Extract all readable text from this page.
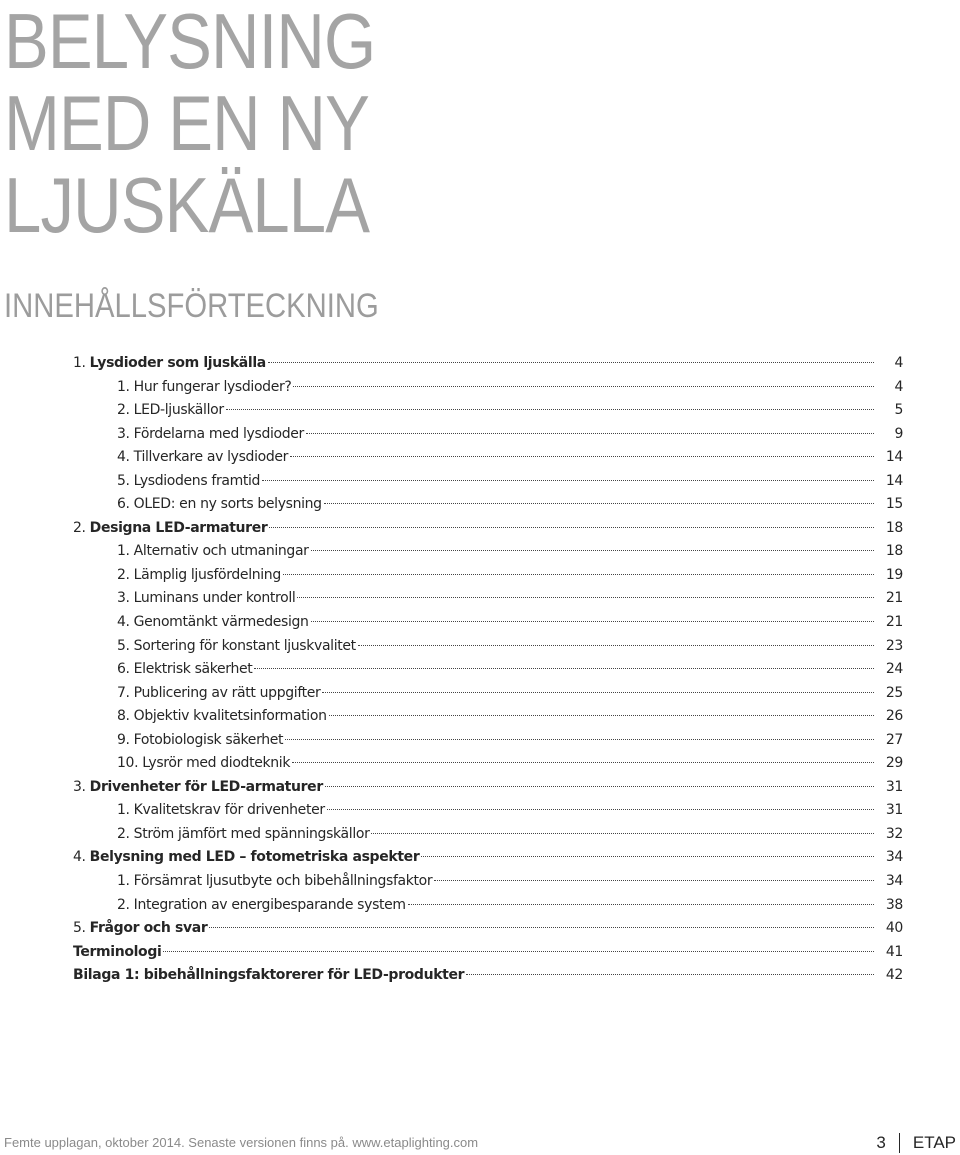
BELYSNING
MED EN NY
LJUSKÄLLA
INNEHÅLLSFÖRTECKNING
1. Lysdioder som ljuskälla	4
1. Hur fungerar lysdioder?	4
2. LED-ljuskällor	5
3. Fördelarna med lysdioder	9
4. Tillverkare av lysdioder	14
5. Lysdiodens framtid	14
6. OLED: en ny sorts belysning	15
2. Designa LED-armaturer	18
1. Alternativ och utmaningar	18
2. Lämplig ljusfördelning	19
3. Luminans under kontroll	21
4. Genomtänkt värmedesign	21
5. Sortering för konstant ljuskvalitet	23
6. Elektrisk säkerhet	24
7. Publicering av rätt uppgifter	25
8. Objektiv kvalitetsinformation	26
9. Fotobiologisk säkerhet	27
10. Lysrör med diodteknik	29
3. Drivenheter för LED-armaturer	31
1. Kvalitetskrav för drivenheter	31
2. Ström jämfört med spänningskällor	32
4. Belysning med LED – fotometriska aspekter	34
1. Försämrat ljusutbyte och bibehållningsfaktor	34
2. Integration av energibesparande system	38
5. Frågor och svar	40
Terminologi	41
Bilaga 1: bibehållningsfaktorerer för LED-produkter	42
Femte upplagan, oktober 2014. Senaste versionen finns på. www.etaplighting.com	3 ETAP
